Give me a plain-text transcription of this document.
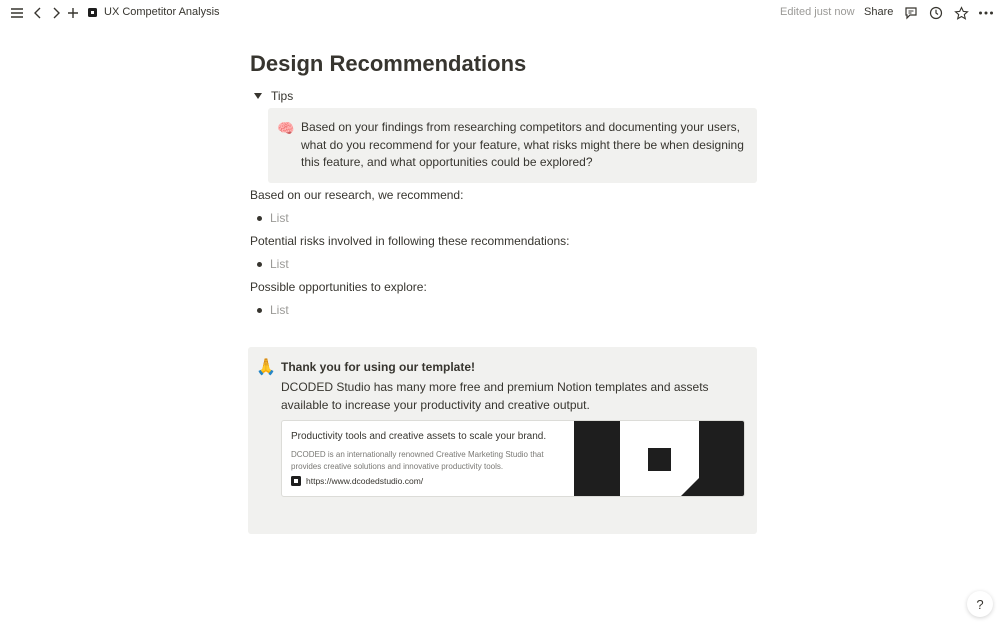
UX Competitor Analysis	Edited just now Share
Design Recommendations
Tips
🧠 Based on your findings from researching competitors and documenting your users, what do you recommend for your feature, what risks might there be when designing this feature, and what opportunities could be explored?
Based on our research, we recommend:
List
Potential risks involved in following these recommendations:
List
Possible opportunities to explore:
List
🙏 Thank you for using our template!
DCODED Studio has many more free and premium Notion templates and assets available to increase your productivity and creative output.
Productivity tools and creative assets to scale your brand.
DCODED is an internationally renowned Creative Marketing Studio that provides creative solutions and innovative productivity tools.
https://www.dcodedstudio.com/
?
